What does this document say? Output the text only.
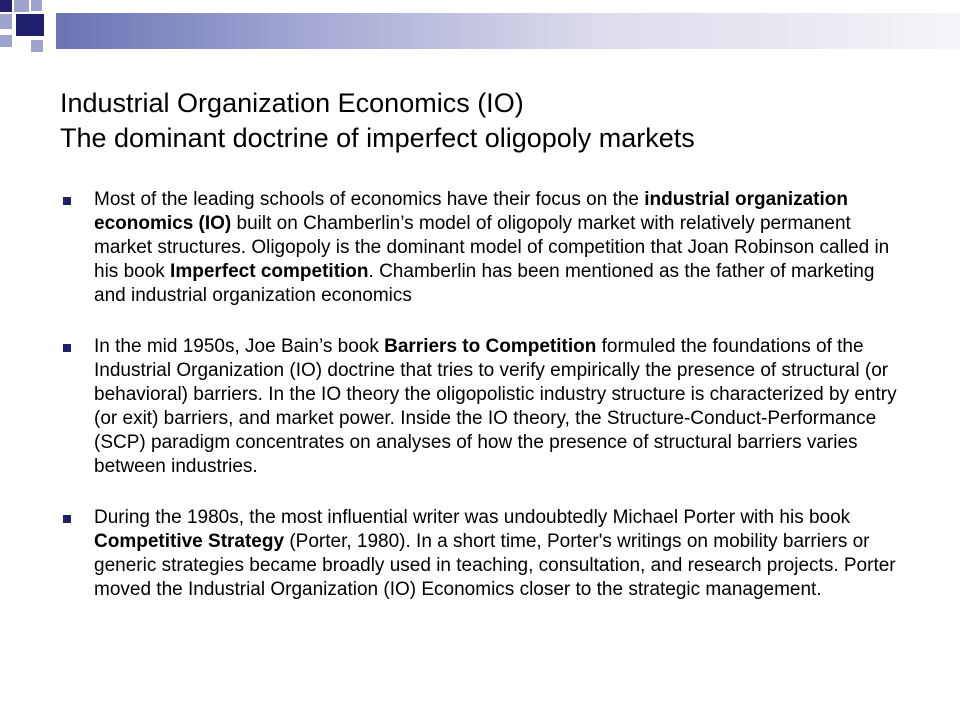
Industrial Organization Economics (IO)
The dominant doctrine of imperfect oligopoly markets
Most of the leading schools of economics have their focus on the industrial organization economics (IO) built on Chamberlin’s model of oligopoly market with relatively permanent market structures. Oligopoly is the dominant model of competition that Joan Robinson called in his book Imperfect competition. Chamberlin has been mentioned as the father of marketing and industrial organization economics
In the mid 1950s, Joe Bain’s book Barriers to Competition formuled the foundations of the Industrial Organization (IO) doctrine that tries to verify empirically the presence of structural (or behavioral) barriers. In the IO theory the oligopolistic industry structure is characterized by entry (or exit) barriers, and market power. Inside the IO theory, the Structure-Conduct-Performance (SCP) paradigm concentrates on analyses of how the presence of structural barriers varies between industries.
During the 1980s, the most influential writer was undoubtedly Michael Porter with his book Competitive Strategy (Porter, 1980). In a short time, Porter's writings on mobility barriers or generic strategies became broadly used in teaching, consultation, and research projects. Porter moved the Industrial Organization (IO) Economics closer to the strategic management.
